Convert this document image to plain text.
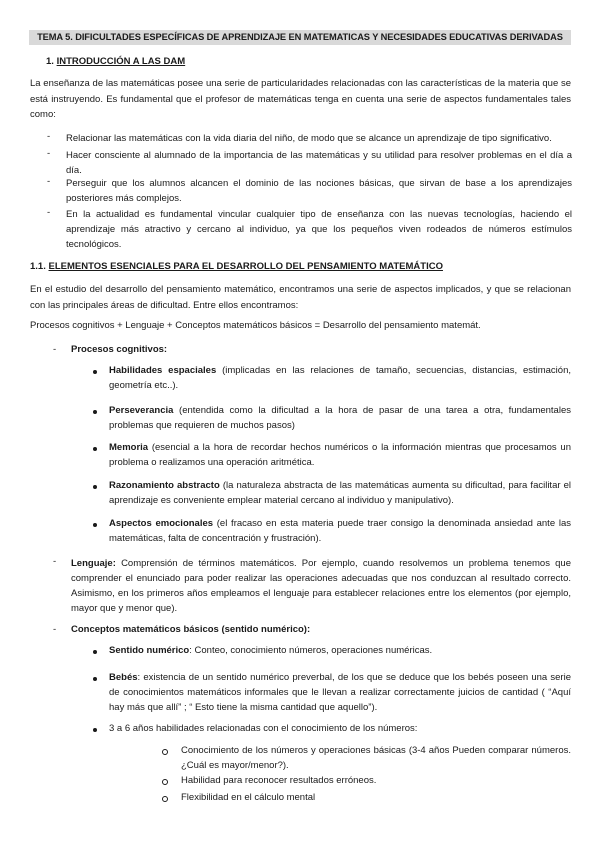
TEMA 5. DIFICULTADES ESPECÍFICAS DE APRENDIZAJE EN MATEMATICAS Y NECESIDADES EDUCATIVAS DERIVADAS
1. INTRODUCCIÓN A LAS DAM
La enseñanza de las matemáticas posee una serie de particularidades relacionadas con las características de la materia que se está instruyendo. Es fundamental que el profesor de matemáticas tenga en cuenta una serie de aspectos fundamentales tales como:
- Relacionar las matemáticas con la vida diaria del niño, de modo que se alcance un aprendizaje de tipo significativo.
- Hacer consciente al alumnado de la importancia de las matemáticas y su utilidad para resolver problemas en el día a día.
- Perseguir que los alumnos alcancen el dominio de las nociones básicas, que sirvan de base a los aprendizajes posteriores más complejos.
- En la actualidad es fundamental vincular cualquier tipo de enseñanza con las nuevas tecnologías, haciendo el aprendizaje más atractivo y cercano al individuo, ya que los pequeños viven rodeados de números estímulos tecnológicos.
1.1. ELEMENTOS ESENCIALES PARA EL DESARROLLO DEL PENSAMIENTO MATEMÁTICO
En el estudio del desarrollo del pensamiento matemático, encontramos una serie de aspectos implicados, y que se relacionan con las principales áreas de dificultad. Entre ellos encontramos:
Procesos cognitivos + Lenguaje + Conceptos matemáticos básicos = Desarrollo del pensamiento matemát.
- Procesos cognitivos:
Habilidades espaciales (implicadas en las relaciones de tamaño, secuencias, distancias, estimación, geometría etc..).
Perseverancia (entendida como la dificultad a la hora de pasar de una tarea a otra, fundamentales problemas que requieren de muchos pasos)
Memoria (esencial a la hora de recordar hechos numéricos o la información mientras que procesamos un problema o realizamos una operación aritmética.
Razonamiento abstracto (la naturaleza abstracta de las matemáticas aumenta su dificultad, para facilitar el aprendizaje es conveniente emplear material cercano al individuo y manipulativo).
Aspectos emocionales (el fracaso en esta materia puede traer consigo la denominada ansiedad ante las matemáticas, falta de concentración y frustración).
- Lenguaje: Comprensión de términos matemáticos. Por ejemplo, cuando resolvemos un problema tenemos que comprender el enunciado para poder realizar las operaciones adecuadas que nos conduzcan al resultado correcto. Asimismo, en los primeros años empleamos el lenguaje para establecer relaciones entre los elementos (por ejemplo, mayor que y menor que).
- Conceptos matemáticos básicos (sentido numérico):
Sentido numérico: Conteo, conocimiento números, operaciones numéricas.
Bebés: existencia de un sentido numérico preverbal, de los que se deduce que los bebés poseen una serie de conocimientos matemáticos informales que le llevan a realizar correctamente juicios de cantidad ( “Aquí hay más que allí” ; “ Esto tiene la misma cantidad que aquello”).
3 a 6 años habilidades relacionadas con el conocimiento de los números:
Conocimiento de los números y operaciones básicas (3-4 años Pueden comparar números. ¿Cuál es mayor/menor?).
Habilidad para reconocer resultados erróneos.
Flexibilidad en el cálculo mental
